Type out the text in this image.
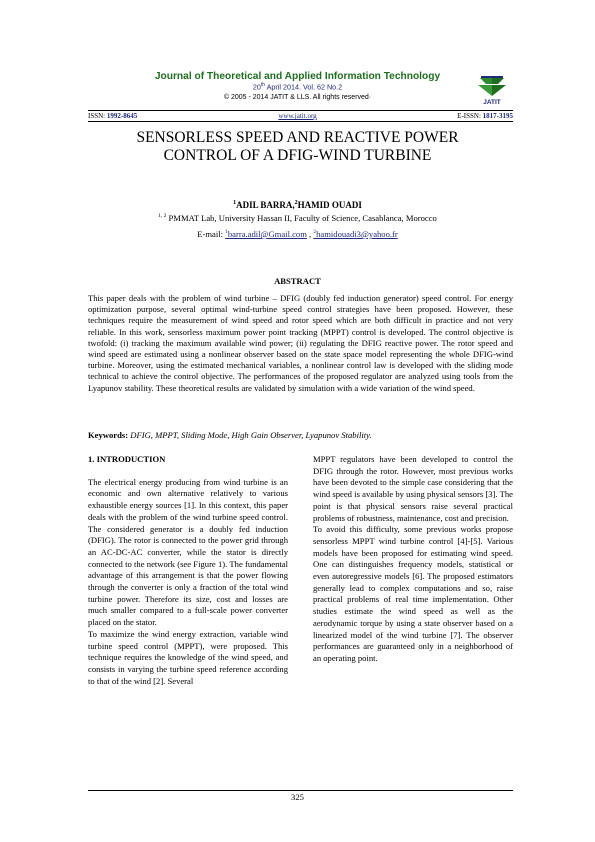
Journal of Theoretical and Applied Information Technology
20th April 2014. Vol. 62 No.2
© 2005 - 2014 JATIT & LLS. All rights reserved·
JATIT
ISSN: 1992-8645	www.jatit.org	E-ISSN: 1817-3195
SENSORLESS SPEED AND REACTIVE POWER
CONTROL OF A DFIG-WIND TURBINE
$^1$ADIL BARRA,$^2$HAMID OUADI
$^{1, 2}$ PMMAT Lab, University Hassan II, Faculty of Science, Casablanca, Morocco
E-mail: $^1$barra.adil@Gmail.com , $^2$hamidouadi3@yahoo.fr
ABSTRACT
This paper deals with the problem of wind turbine – DFIG (doubly fed induction generator) speed control. For energy optimization purpose, several optimal wind-turbine speed control strategies have been proposed. However, these techniques require the measurement of wind speed and rotor speed which are both difficult in practice and not very reliable. In this work, sensorless maximum power point tracking (MPPT) control is developed. The control objective is twofold: (i) tracking the maximum available wind power; (ii) regulating the DFIG reactive power. The rotor speed and wind speed are estimated using a nonlinear observer based on the state space model representing the whole DFIG-wind turbine. Moreover, using the estimated mechanical variables, a nonlinear control law is developed with the sliding mode technical to achieve the control objective. The performances of the proposed regulator are analyzed using tools from the Lyapunov stability. These theoretical results are validated by simulation with a wide variation of the wind speed.
Keywords: DFIG, MPPT, Sliding Mode, High Gain Observer, Lyapunov Stability.

1. INTRODUCTION

The electrical energy producing from wind turbine is an economic and own alternative relatively to various exhaustible energy sources [1]. In this context, this paper deals with the problem of the wind turbine speed control. The considered generator is a doubly fed induction (DFIG). The rotor is connected to the power grid through an AC-DC-AC converter, while the stator is directly connected to the network (see Figure 1). The fundamental advantage of this arrangement is that the power flowing through the converter is only a fraction of the total wind turbine power. Therefore its size, cost and losses are much smaller compared to a full-scale power converter placed on the stator.

To maximize the wind energy extraction, variable wind turbine speed control (MPPT), were proposed. This technique requires the knowledge of the wind speed, and consists in varying the turbine speed reference according to that of the wind [2]. Several

MPPT regulators have been developed to control the DFIG through the rotor. However, most previous works have been devoted to the simple case considering that the wind speed is available by using physical sensors [3]. The point is that physical sensors raise several practical problems of robustness, maintenance, cost and precision.

To avoid this difficulty, some previous works propose sensorless MPPT wind turbine control [4]-[5]. Various models have been proposed for estimating wind speed. One can distinguishes frequency models, statistical or even autoregressive models [6]. The proposed estimators generally lead to complex computations and so, raise practical problems of real time implementation. Other studies estimate the wind speed as well as the aerodynamic torque by using a state observer based on a linearized model of the wind turbine [7]. The observer performances are guaranteed only in a neighborhood of an operating point.

325
